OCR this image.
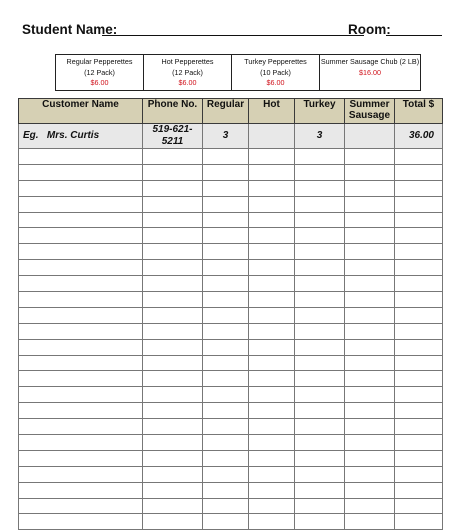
Student Name:	Room:
Regular Pepperettes
(12 Pack)
$6.00
Hot Pepperettes
(12 Pack)
$6.00
Turkey Pepperettes
(10 Pack)
$6.00
Summer Sausage Chub (2 LB)
$16.00
Customer Name	Phone No.	Regular	Hot	Turkey	Summer Sausage	Total $
Eg. Mrs. Curtis	519-621-5211	3		3		36.00
